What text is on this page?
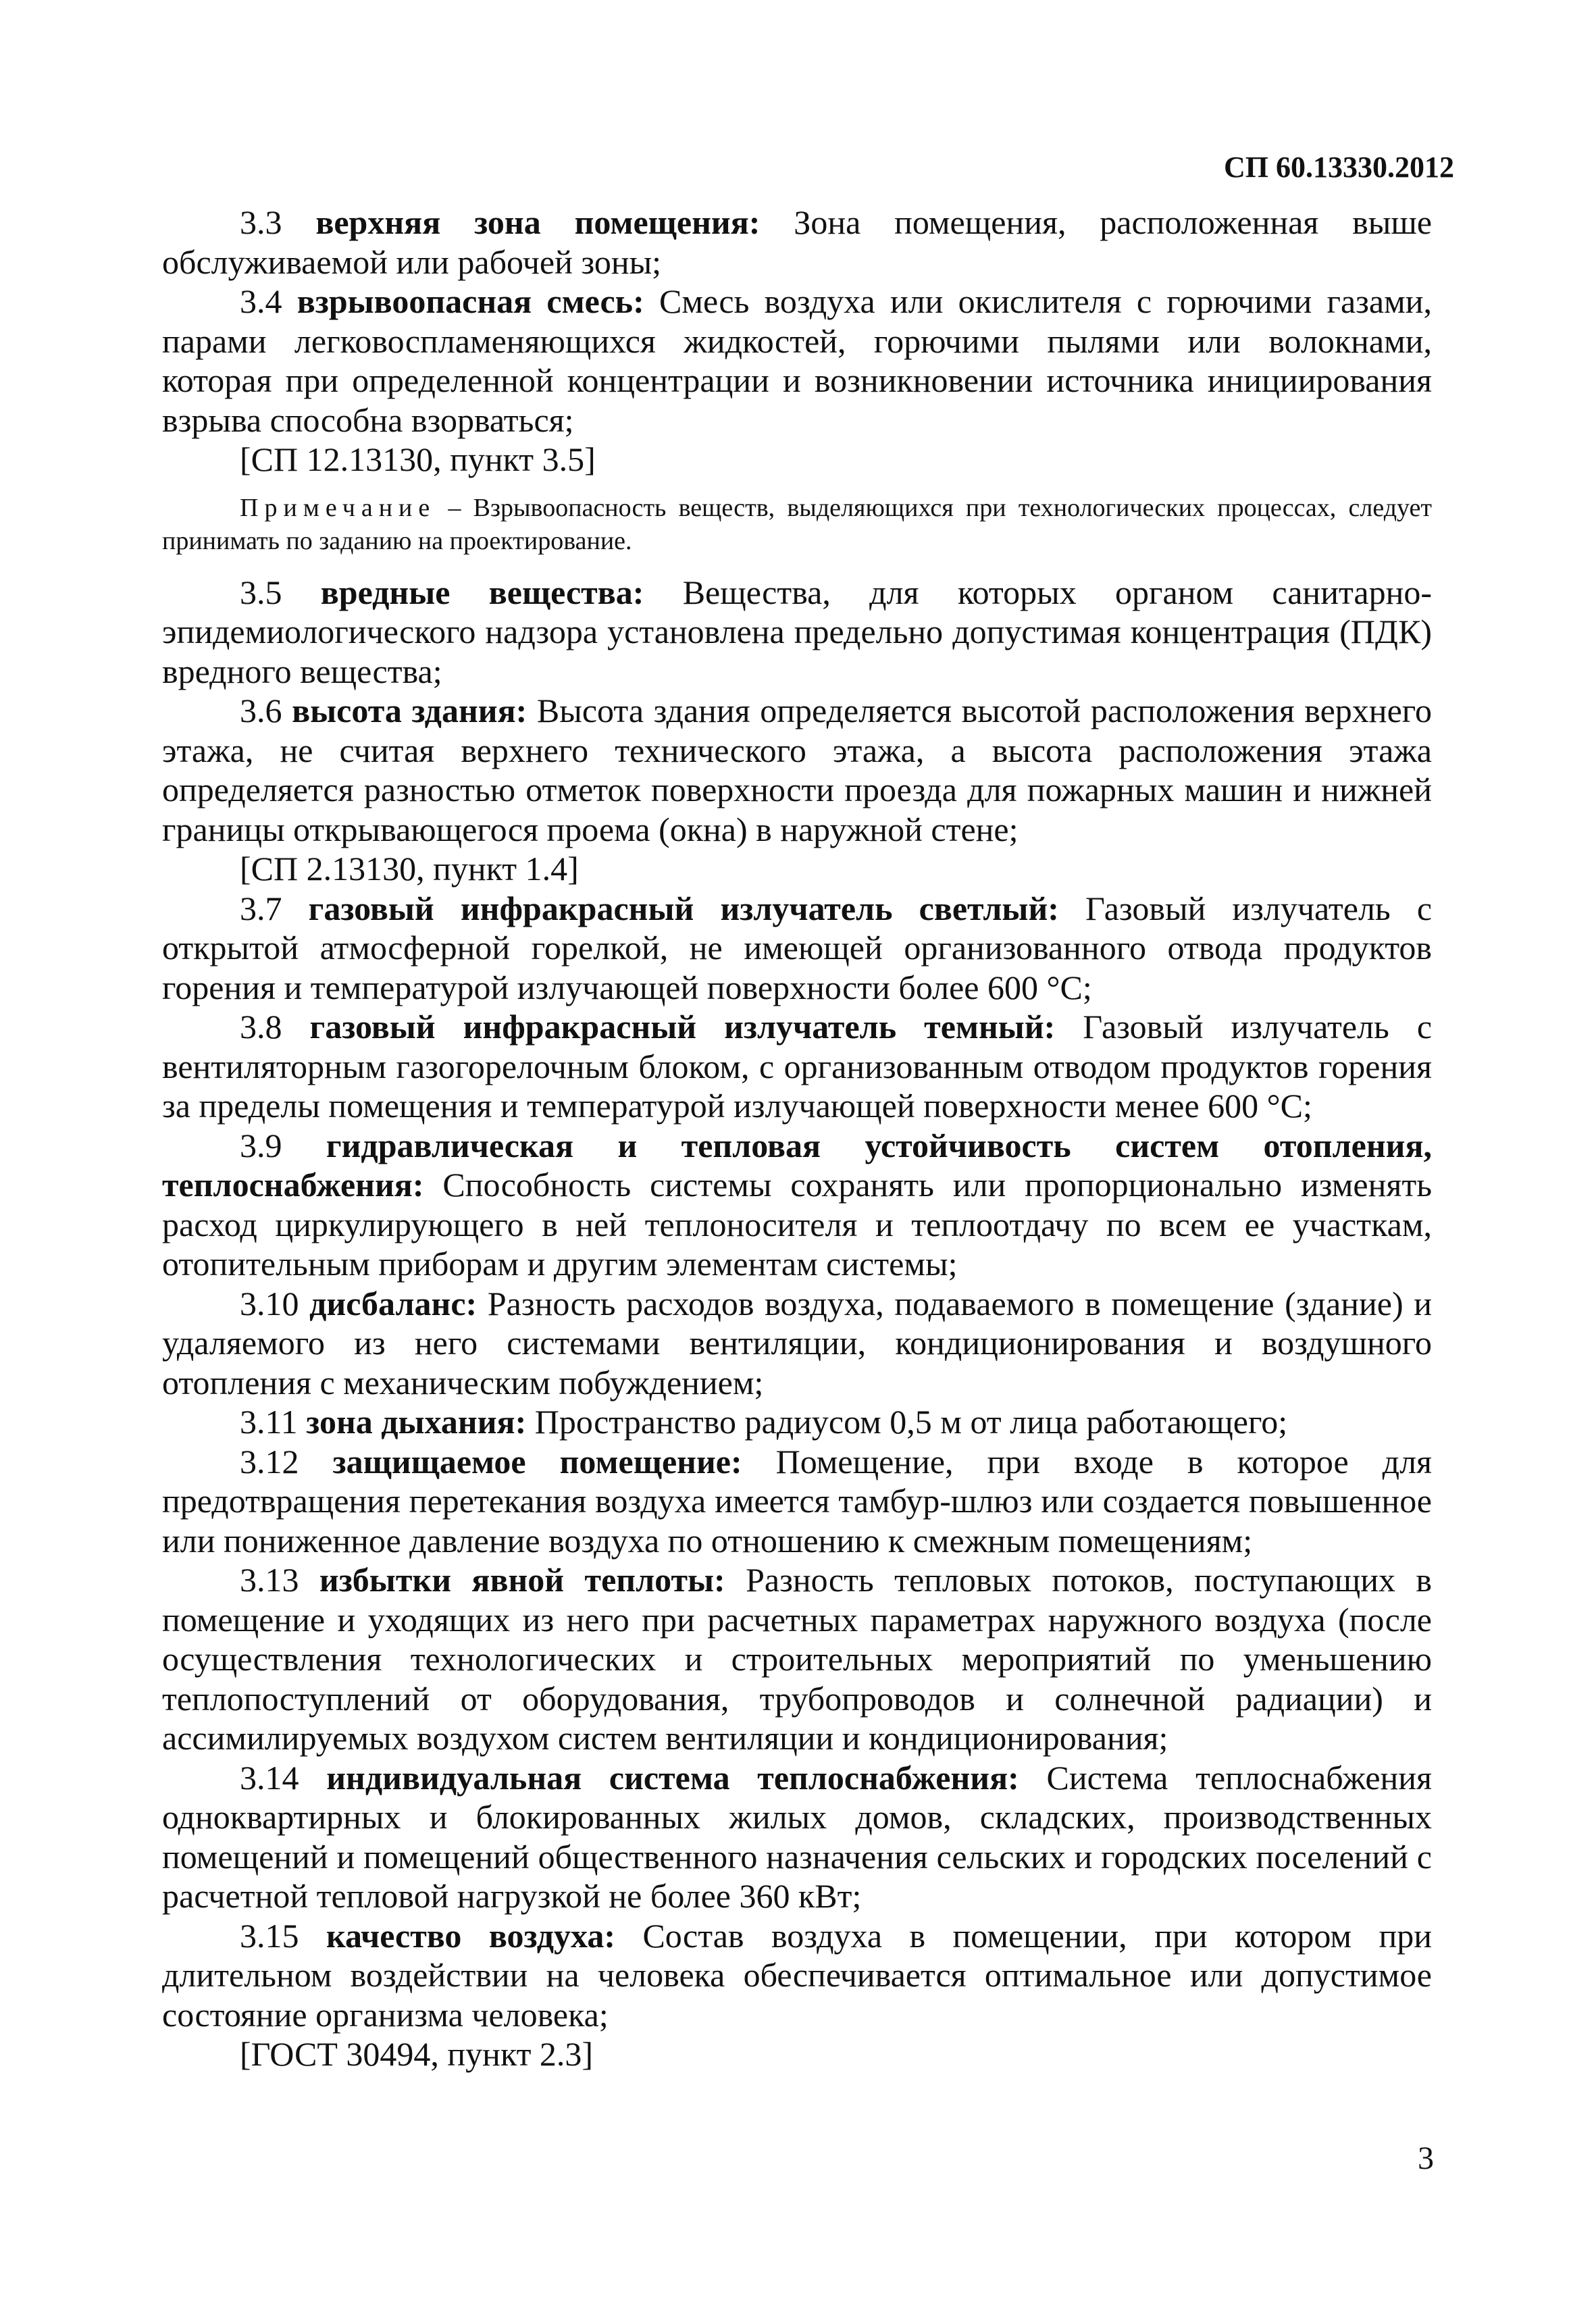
СП 60.13330.2012

3.3 верхняя зона помещения: Зона помещения, расположенная выше обслуживаемой или рабочей зоны;

3.4 взрывоопасная смесь: Смесь воздуха или окислителя с горючими газами, парами легковоспламеняющихся жидкостей, горючими пылями или волокнами, которая при определенной концентрации и возникновении источника инициирования взрыва способна взорваться;

[СП 12.13130, пункт 3.5]

Примечание – Взрывоопасность веществ, выделяющихся при технологических процессах, следует принимать по заданию на проектирование.

3.5 вредные вещества: Вещества, для которых органом санитарно-эпидемиологического надзора установлена предельно допустимая концентрация (ПДК) вредного вещества;

3.6 высота здания: Высота здания определяется высотой расположения верхнего этажа, не считая верхнего технического этажа, а высота расположения этажа определяется разностью отметок поверхности проезда для пожарных машин и нижней границы открывающегося проема (окна) в наружной стене;

[СП 2.13130, пункт 1.4]

3.7 газовый инфракрасный излучатель светлый: Газовый излучатель с открытой атмосферной горелкой, не имеющей организованного отвода продуктов горения и температурой излучающей поверхности более 600 °С;

3.8 газовый инфракрасный излучатель темный: Газовый излучатель с вентиляторным газогорелочным блоком, с организованным отводом продуктов горения за пределы помещения и температурой излучающей поверхности менее 600 °С;

3.9 гидравлическая и тепловая устойчивость систем отопления, теплоснабжения: Способность системы сохранять или пропорционально изменять расход циркулирующего в ней теплоносителя и теплоотдачу по всем ее участкам, отопительным приборам и другим элементам системы;

3.10 дисбаланс: Разность расходов воздуха, подаваемого в помещение (здание) и удаляемого из него системами вентиляции, кондиционирования и воздушного отопления с механическим побуждением;

3.11 зона дыхания: Пространство радиусом 0,5 м от лица работающего;

3.12 защищаемое помещение: Помещение, при входе в которое для предотвращения перетекания воздуха имеется тамбур-шлюз или создается повышенное или пониженное давление воздуха по отношению к смежным помещениям;

3.13 избытки явной теплоты: Разность тепловых потоков, поступающих в помещение и уходящих из него при расчетных параметрах наружного воздуха (после осуществления технологических и строительных мероприятий по уменьшению теплопоступлений от оборудования, трубопроводов и солнечной радиации) и ассимилируемых воздухом систем вентиляции и кондиционирования;

3.14 индивидуальная система теплоснабжения: Система теплоснабжения одноквартирных и блокированных жилых домов, складских, производственных помещений и помещений общественного назначения сельских и городских поселений с расчетной тепловой нагрузкой не более 360 кВт;

3.15 качество воздуха: Состав воздуха в помещении, при котором при длительном воздействии на человека обеспечивается оптимальное или допустимое состояние организма человека;

[ГОСТ 30494, пункт 2.3]

3
